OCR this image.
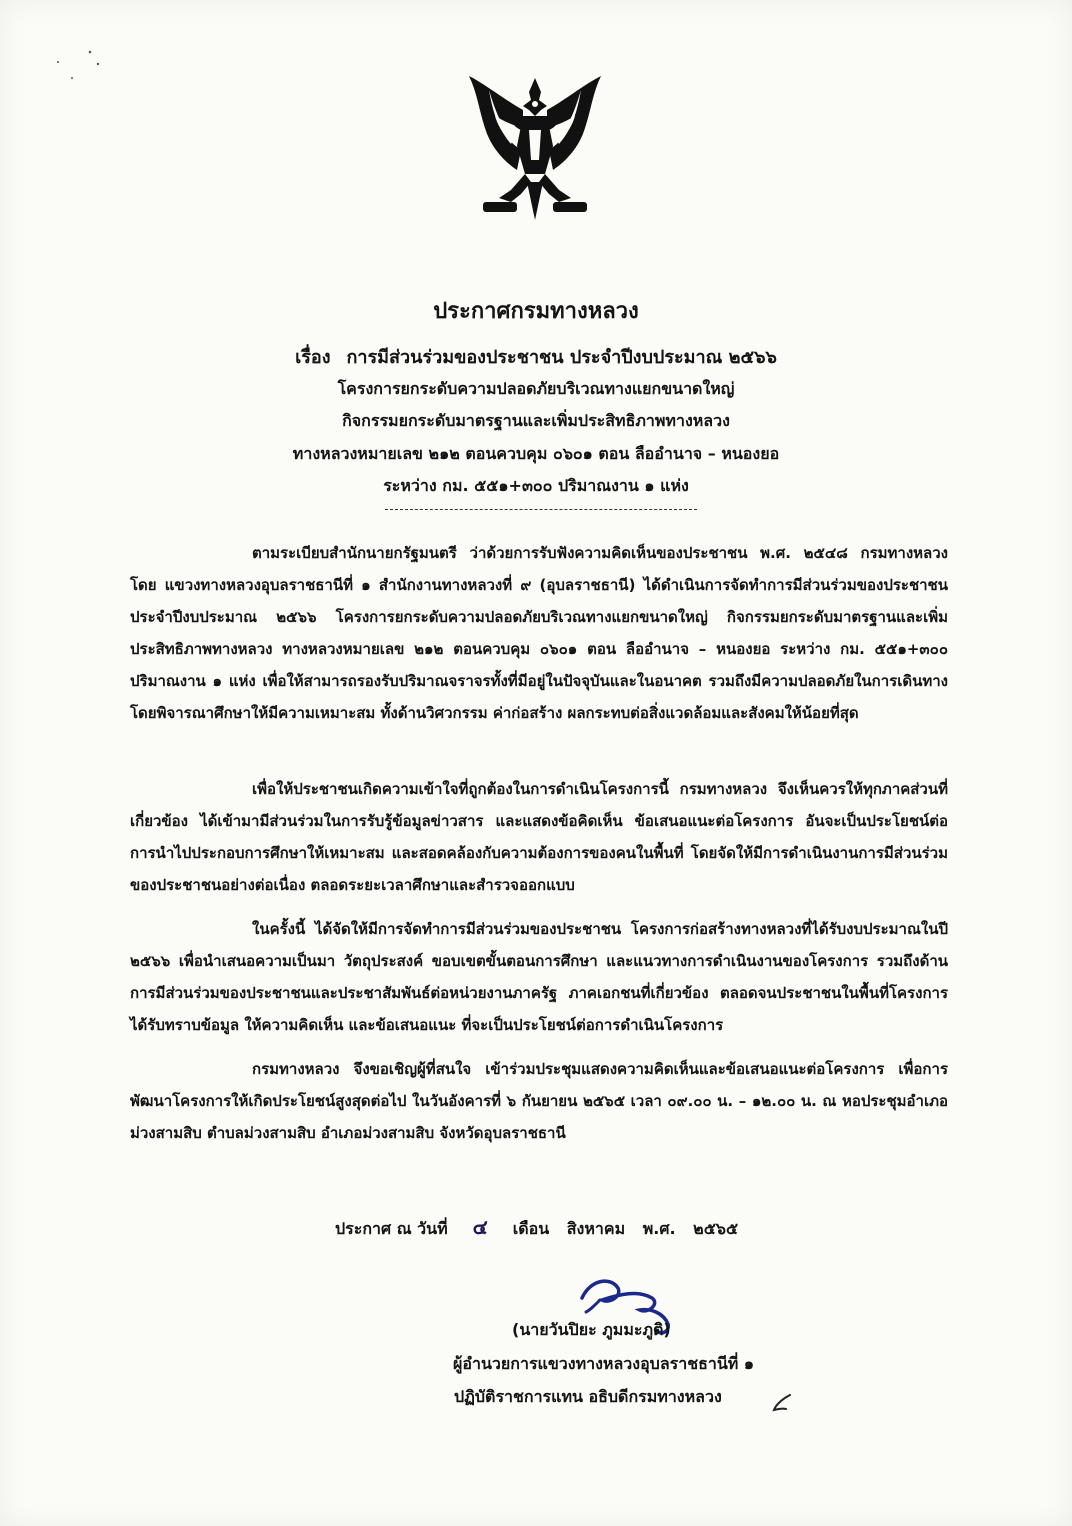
ประกาศกรมทางหลวง
เรื่อง การมีส่วนร่วมของประชาชน ประจำปีงบประมาณ ๒๕๖๖
โครงการยกระดับความปลอดภัยบริเวณทางแยกขนาดใหญ่
กิจกรรมยกระดับมาตรฐานและเพิ่มประสิทธิภาพทางหลวง
ทางหลวงหมายเลข ๒๑๒ ตอนควบคุม ๐๖๐๑ ตอน ลืออำนาจ – หนองยอ
ระหว่าง กม. ๕๕๑+๓๐๐ ปริมาณงาน ๑ แห่ง

ตามระเบียบสำนักนายกรัฐมนตรี ว่าด้วยการรับฟังความคิดเห็นของประชาชน พ.ศ. ๒๕๔๘ กรมทางหลวง โดย แขวงทางหลวงอุบลราชธานีที่ ๑ สำนักงานทางหลวงที่ ๙ (อุบลราชธานี) ได้ดำเนินการจัดทำการมีส่วนร่วมของประชาชนประจำปีงบประมาณ ๒๕๖๖ โครงการยกระดับความปลอดภัยบริเวณทางแยกขนาดใหญ่ กิจกรรมยกระดับมาตรฐานและเพิ่มประสิทธิภาพทางหลวง ทางหลวงหมายเลข ๒๑๒ ตอนควบคุม ๐๖๐๑ ตอน ลืออำนาจ – หนองยอ ระหว่าง กม. ๕๕๑+๓๐๐ ปริมาณงาน ๑ แห่ง เพื่อให้สามารถรองรับปริมาณจราจรทั้งที่มีอยู่ในปัจจุบันและในอนาคต รวมถึงมีความปลอดภัยในการเดินทาง โดยพิจารณาศึกษาให้มีความเหมาะสม ทั้งด้านวิศวกรรม ค่าก่อสร้าง ผลกระทบต่อสิ่งแวดล้อมและสังคมให้น้อยที่สุด

เพื่อให้ประชาชนเกิดความเข้าใจที่ถูกต้องในการดำเนินโครงการนี้ กรมทางหลวง จึงเห็นควรให้ทุกภาคส่วนที่เกี่ยวข้อง ได้เข้ามามีส่วนร่วมในการรับรู้ข้อมูลข่าวสาร และแสดงข้อคิดเห็น ข้อเสนอแนะต่อโครงการ อันจะเป็นประโยชน์ต่อการนำไปประกอบการศึกษาให้เหมาะสม และสอดคล้องกับความต้องการของคนในพื้นที่ โดยจัดให้มีการดำเนินงานการมีส่วนร่วมของประชาชนอย่างต่อเนื่อง ตลอดระยะเวลาศึกษาและสำรวจออกแบบ

ในครั้งนี้ ได้จัดให้มีการจัดทำการมีส่วนร่วมของประชาชน โครงการก่อสร้างทางหลวงที่ได้รับงบประมาณในปี ๒๕๖๖ เพื่อนำเสนอความเป็นมา วัตถุประสงค์ ขอบเขตขั้นตอนการศึกษา และแนวทางการดำเนินงานของโครงการ รวมถึงด้านการมีส่วนร่วมของประชาชนและประชาสัมพันธ์ต่อหน่วยงานภาครัฐ ภาคเอกชนที่เกี่ยวข้อง ตลอดจนประชาชนในพื้นที่โครงการ ได้รับทราบข้อมูล ให้ความคิดเห็น และข้อเสนอแนะ ที่จะเป็นประโยชน์ต่อการดำเนินโครงการ

กรมทางหลวง จึงขอเชิญผู้ที่สนใจ เข้าร่วมประชุมแสดงความคิดเห็นและข้อเสนอแนะต่อโครงการ เพื่อการพัฒนาโครงการให้เกิดประโยชน์สูงสุดต่อไป ในวันอังคารที่ ๖ กันยายน ๒๕๖๕ เวลา ๐๙.๐๐ น. – ๑๒.๐๐ น. ณ หอประชุมอำเภอม่วงสามสิบ ตำบลม่วงสามสิบ อำเภอม่วงสามสิบ จังหวัดอุบลราชธานี

ประกาศ ณ วันที่ ๔ เดือน สิงหาคม พ.ศ. ๒๕๖๕
(นายวันปิยะ ภูมมะภูติ)
ผู้อำนวยการแขวงทางหลวงอุบลราชธานีที่ ๑
ปฏิบัติราชการแทน อธิบดีกรมทางหลวง
